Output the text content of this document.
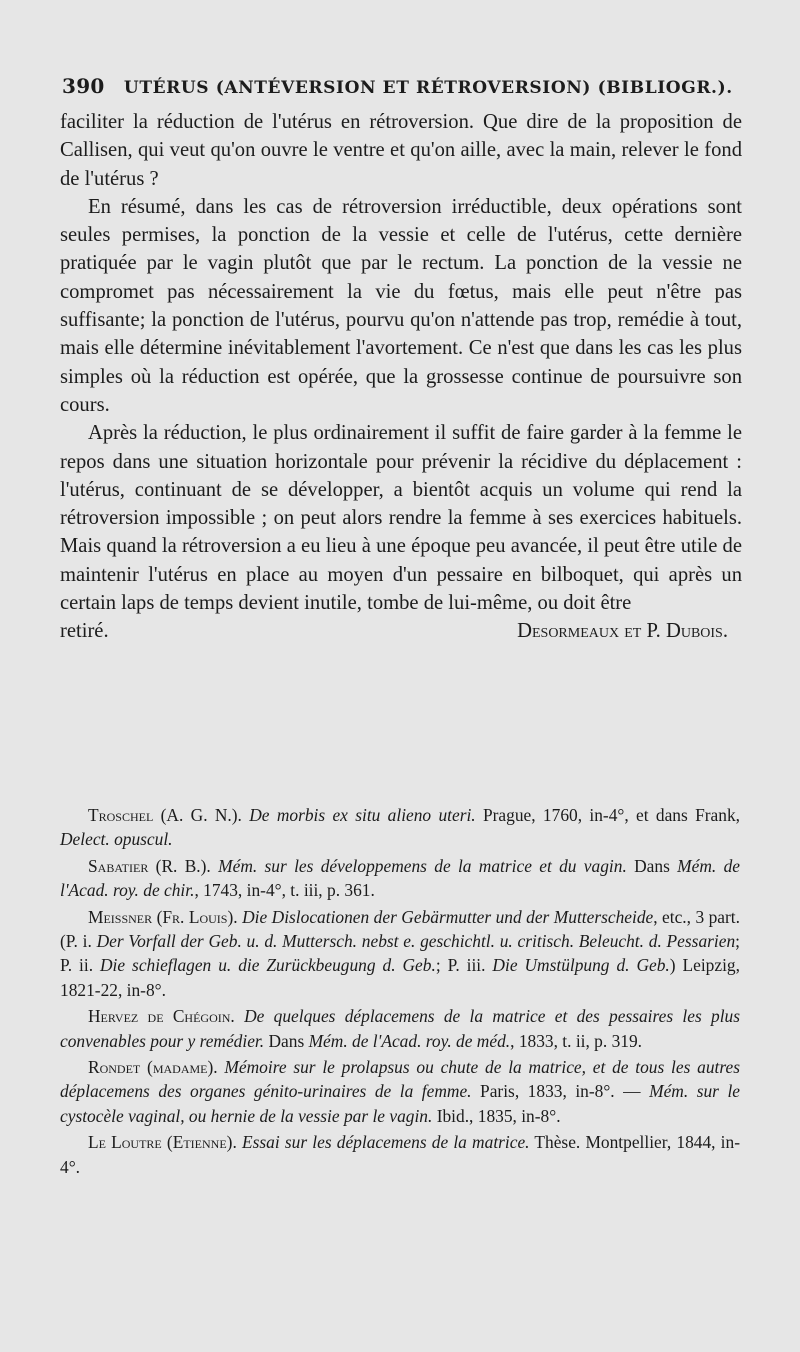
390 UTÉRUS (ANTÉVERSION ET RÉTROVERSION) (BIBLIOGR.).

faciliter la réduction de l'utérus en rétroversion. Que dire de la proposition de Callisen, qui veut qu'on ouvre le ventre et qu'on aille, avec la main, relever le fond de l'utérus ?

En résumé, dans les cas de rétroversion irréductible, deux opérations sont seules permises, la ponction de la vessie et celle de l'utérus, cette dernière pratiquée par le vagin plutôt que par le rectum. La ponction de la vessie ne compromet pas nécessairement la vie du fœtus, mais elle peut n'être pas suffisante; la ponction de l'utérus, pourvu qu'on n'attende pas trop, remédie à tout, mais elle détermine inévitablement l'avortement. Ce n'est que dans les cas les plus simples où la réduction est opérée, que la grossesse continue de poursuivre son cours.

Après la réduction, le plus ordinairement il suffit de faire garder à la femme le repos dans une situation horizontale pour prévenir la récidive du déplacement : l'utérus, continuant de se développer, a bientôt acquis un volume qui rend la rétroversion impossible ; on peut alors rendre la femme à ses exercices habituels. Mais quand la rétroversion a eu lieu à une époque peu avancée, il peut être utile de maintenir l'utérus en place au moyen d'un pessaire en bilboquet, qui après un certain laps de temps devient inutile, tombe de lui-même, ou doit être

retiré.	Desormeaux et P. Dubois.

Troschel (A. G. N.). De morbis ex situ alieno uteri. Prague, 1760, in-4°, et dans Frank, Delect. opuscul.

Sabatier (R. B.). Mém. sur les développemens de la matrice et du vagin. Dans Mém. de l'Acad. roy. de chir., 1743, in-4°, t. iii, p. 361.

Meissner (Fr. Louis). Die Dislocationen der Gebärmutter und der Mutterscheide, etc., 3 part. (P. i. Der Vorfall der Geb. u. d. Muttersch. nebst e. geschichtl. u. critisch. Beleucht. d. Pessarien; P. ii. Die schieflagen u. die Zurückbeugung d. Geb.; P. iii. Die Umstülpung d. Geb.) Leipzig, 1821-22, in-8°.

Hervez de Chégoin. De quelques déplacemens de la matrice et des pessaires les plus convenables pour y remédier. Dans Mém. de l'Acad. roy. de méd., 1833, t. ii, p. 319.

Rondet (madame). Mémoire sur le prolapsus ou chute de la matrice, et de tous les autres déplacemens des organes génito-urinaires de la femme. Paris, 1833, in-8°. — Mém. sur le cystocèle vaginal, ou hernie de la vessie par le vagin. Ibid., 1835, in-8°.

Le Loutre (Etienne). Essai sur les déplacemens de la matrice. Thèse. Montpellier, 1844, in-4°.
